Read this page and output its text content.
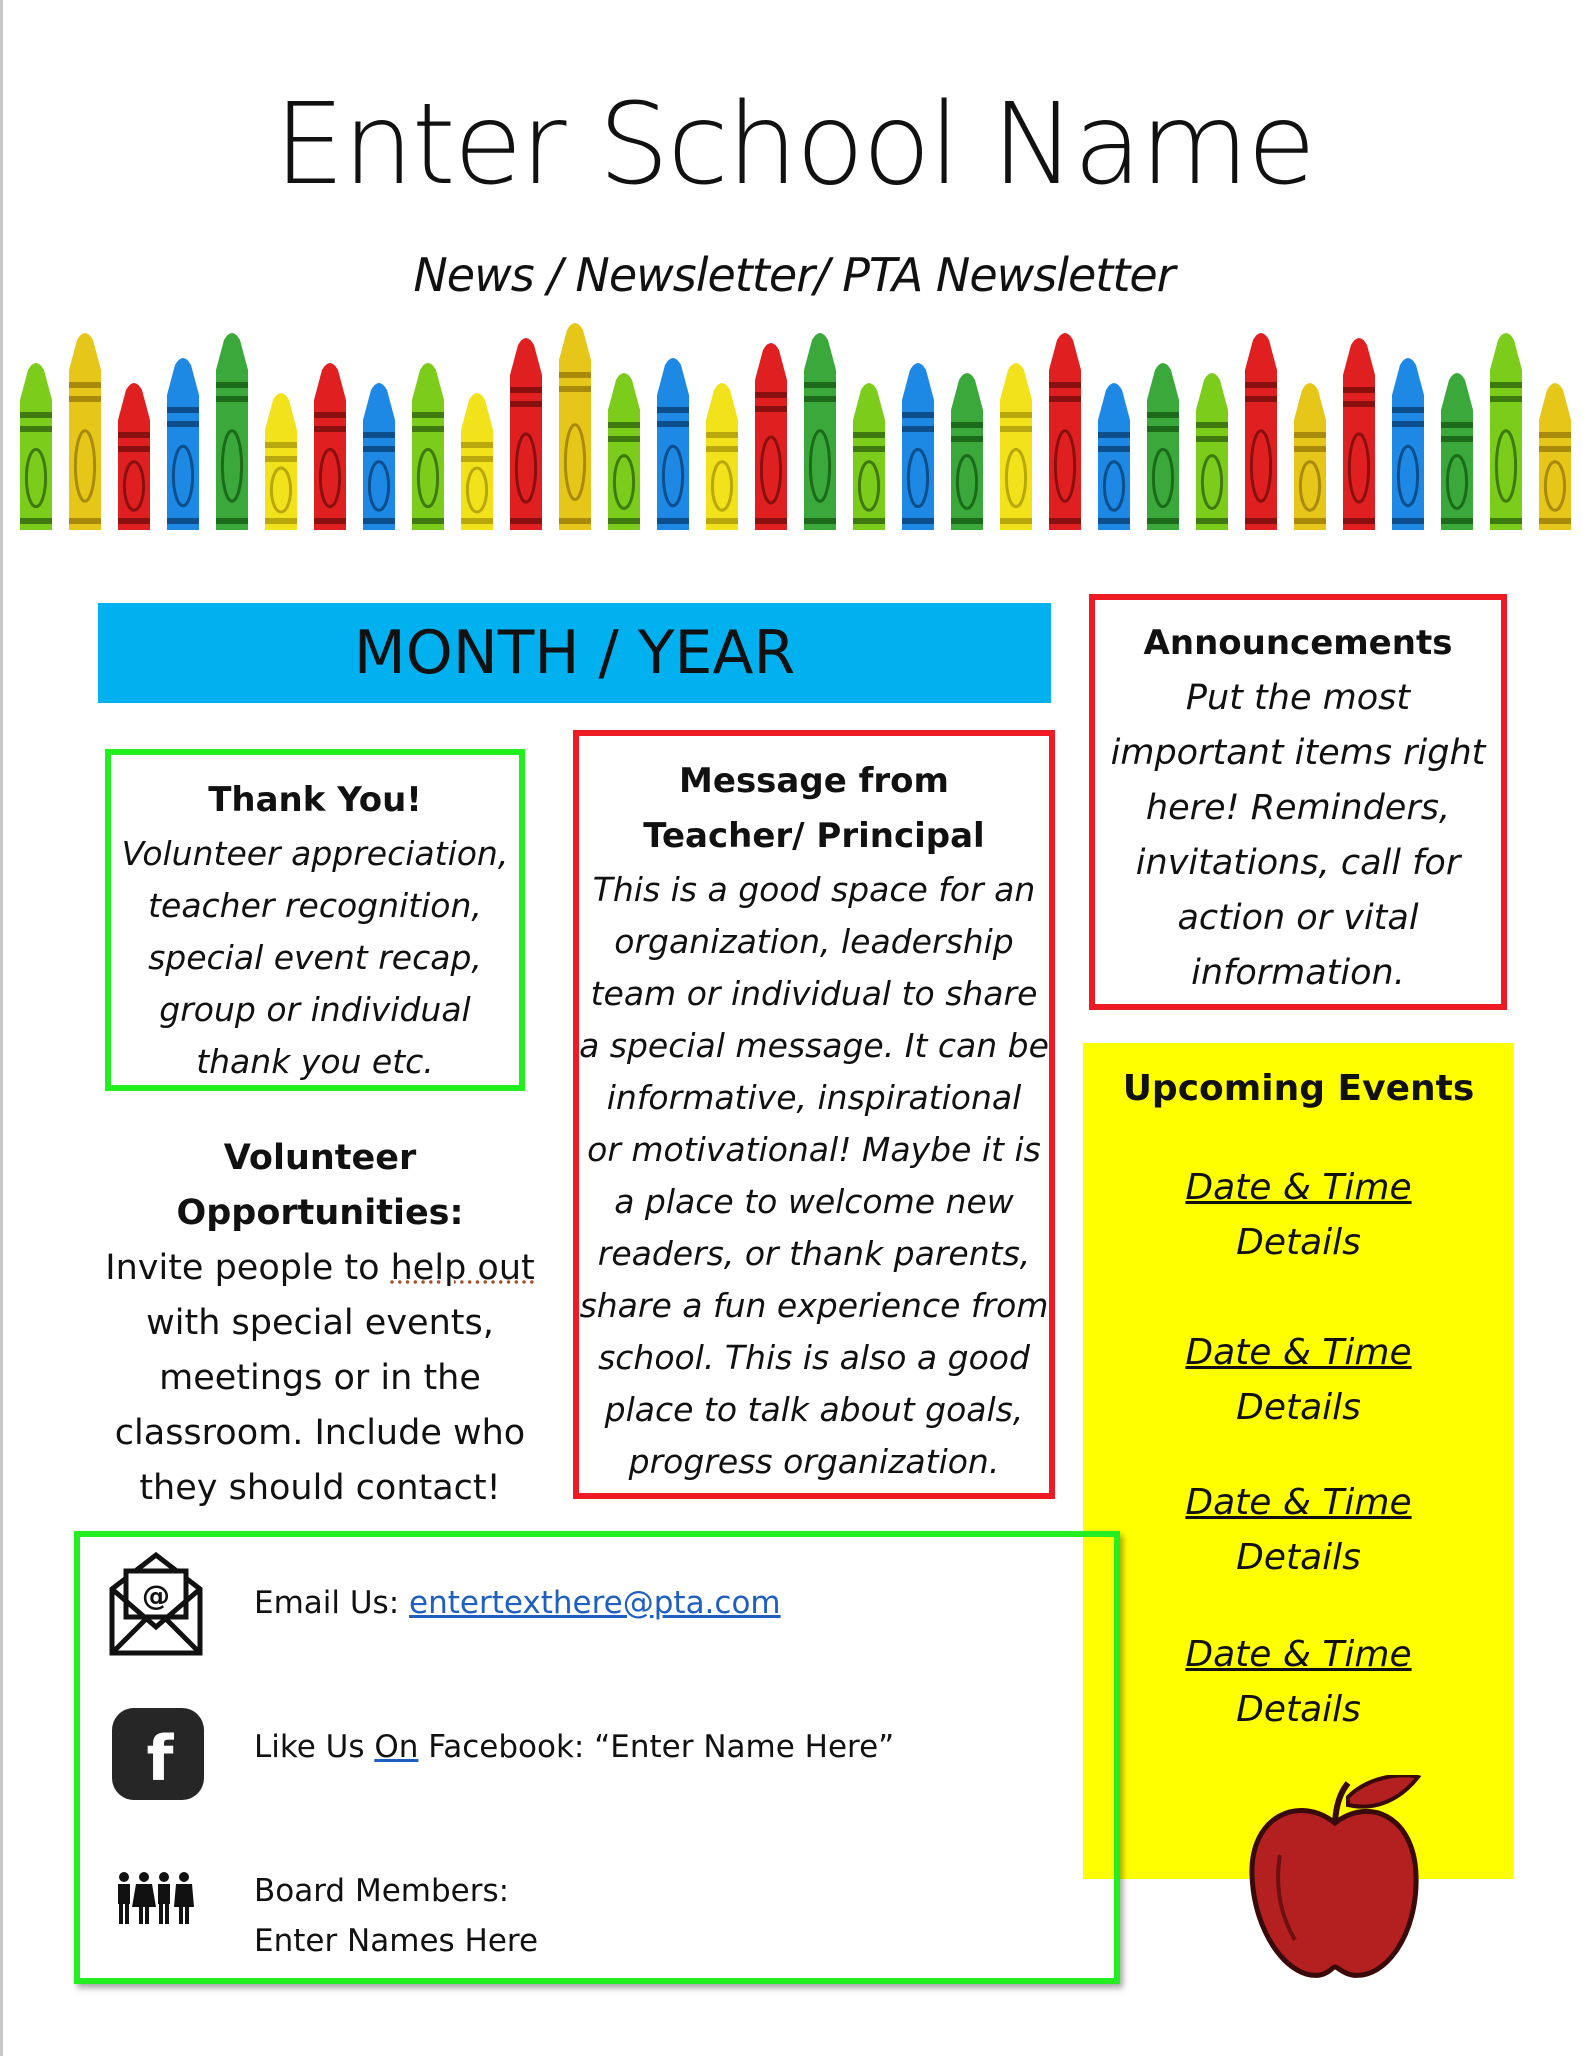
Enter School Name
News / Newsletter/ PTA Newsletter
MONTH / YEAR
Thank You!
Volunteer appreciation,
teacher recognition,
special event recap,
group or individual
thank you etc.
Message from
Teacher/ Principal
This is a good space for an
organization, leadership
team or individual to share
a special message. It can be
informative, inspirational
or motivational! Maybe it is
a place to welcome new
readers, or thank parents,
share a fun experience from
school. This is also a good
place to talk about goals,
progress organization.
Announcements
Put the most
important items right
here! Reminders,
invitations, call for
action or vital
information.
Volunteer Opportunities:
Invite people to help out
with special events,
meetings or in the
classroom. Include who
they should contact!
Upcoming Events
Date & Time
Details
Date & Time
Details
Date & Time
Details
Date & Time
Details
@	Email Us: entertexthere@pta.com
f	Like Us On Facebook: “Enter Name Here”
Board Members:
Enter Names Here
